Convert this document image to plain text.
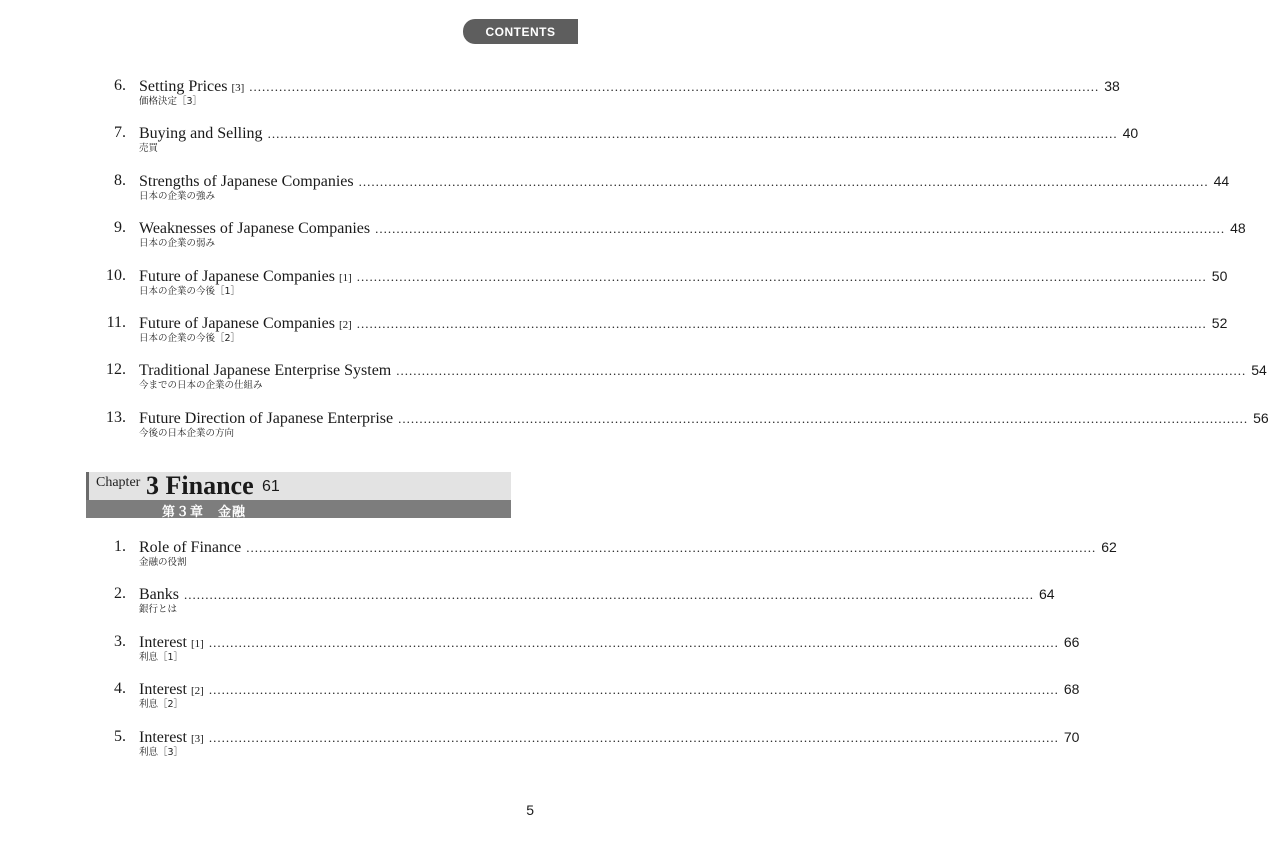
CONTENTS
6. Setting Prices [3] ........................................................................................................................................................................................................ 38
価格決定［3］
7. Buying and Selling ........................................................................................................................................................................................................ 40
売買
8. Strengths of Japanese Companies ........................................................................................................................................................................................................ 44
日本の企業の強み
9. Weaknesses of Japanese Companies ........................................................................................................................................................................................................ 48
日本の企業の弱み
10. Future of Japanese Companies [1] ........................................................................................................................................................................................................ 50
日本の企業の今後［1］
11. Future of Japanese Companies [2] ........................................................................................................................................................................................................ 52
日本の企業の今後［2］
12. Traditional Japanese Enterprise System ........................................................................................................................................................................................................ 54
今までの日本の企業の仕組み
13. Future Direction of Japanese Enterprise ........................................................................................................................................................................................................ 56
今後の日本企業の方向
Chapter 3 Finance 61
第３章　金融
1. Role of Finance ........................................................................................................................................................................................................ 62
金融の役割
2. Banks ........................................................................................................................................................................................................ 64
銀行とは
3. Interest [1] ........................................................................................................................................................................................................ 66
利息［1］
4. Interest [2] ........................................................................................................................................................................................................ 68
利息［2］
5. Interest [3] ........................................................................................................................................................................................................ 70
利息［3］
5
